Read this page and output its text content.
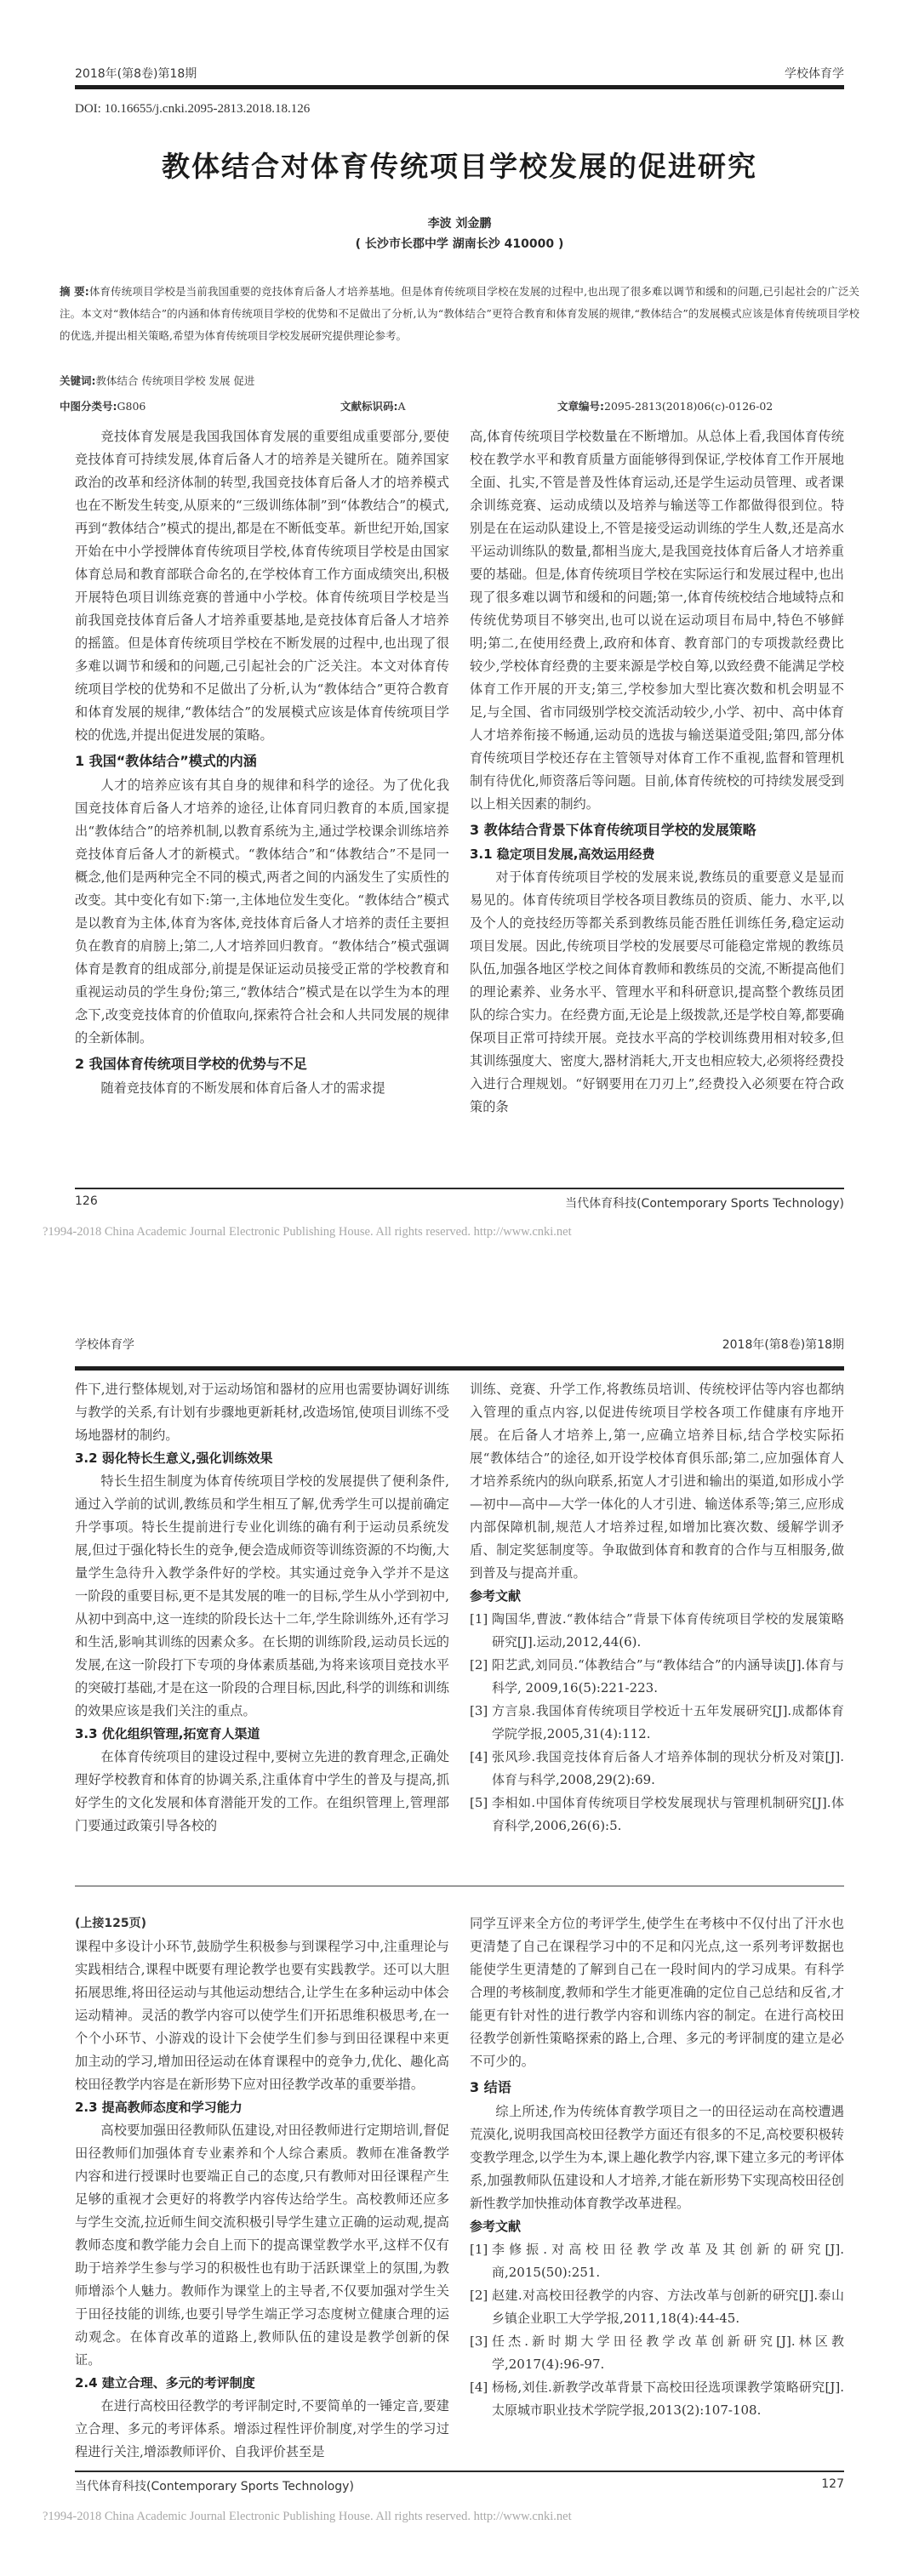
2018年(第8卷)第18期	学校体育学
DOI: 10.16655/j.cnki.2095-2813.2018.18.126
教体结合对体育传统项目学校发展的促进研究
李波 刘金鹏
( 长沙市长郡中学 湖南长沙 410000 )
摘 要:体育传统项目学校是当前我国重要的竞技体育后备人才培养基地。但是体育传统项目学校在发展的过程中,也出现了很多难以调节和缓和的问题,已引起社会的广泛关注。本文对“教体结合”的内涵和体育传统项目学校的优势和不足做出了分析,认为“教体结合”更符合教育和体育发展的规律,“教体结合”的发展模式应该是体育传统项目学校的优选,并提出相关策略,希望为体育传统项目学校发展研究提供理论参考。
关键词:教体结合 传统项目学校 发展 促进
中图分类号:G806	文献标识码:A	文章编号:2095-2813(2018)06(c)-0126-02

竞技体育发展是我国我国体育发展的重要组成重要部分,要使竞技体育可持续发展,体育后备人才的培养是关键所在。随养国家政治的改革和经济体制的转型,我国竞技体育后备人才的培养模式也在不断发生转变,从原来的“三级训练体制”到“体教结合”的模式,再到“教体结合”模式的提出,都是在不断低变革。新世纪开始,国家开始在中小学授牌体育传统项目学校,体育传统项目学校是由国家体育总局和教育部联合命名的,在学校体育工作方面成绩突出,积极开展特色项目训练竞赛的普通中小学校。体育传统项目学校是当前我国竞技体育后备人才培养重要基地,是竞技体育后备人才培养的摇篮。但是体育传统项目学校在不断发展的过程中,也出现了很多难以调节和缓和的问题,己引起社会的广泛关注。本文对体育传统项目学校的优势和不足做出了分析,认为“教体结合”更符合教育和体育发展的规律,“教体结合”的发展模式应该是体育传统项目学校的优选,并提出促进发展的策略。

1 我国“教体结合”模式的内涵

人才的培养应该有其自身的规律和科学的途径。为了优化我国竞技体育后备人才培养的途径,让体育同归教育的本质,国家提出“教体结合”的培养机制,以教育系统为主,通过学校课余训练培养竞技体育后备人才的新模式。“教体结合”和“体教结合”不是同一概念,他们是两种完全不同的模式,两者之间的内涵发生了实质性的改变。其中变化有如下:第一,主体地位发生变化。“教体结合”模式是以教育为主体,体育为客体,竞技体育后备人才培养的责任主要担负在教育的肩膀上;第二,人才培养回归教育。“教体结合”模式强调体育是教育的组成部分,前提是保证运动员接受正常的学校教育和重视运动员的学生身份;第三,“教体结合”模式是在以学生为本的理念下,改变竞技体育的价值取向,探索符合社会和人共同发展的规律的全新体制。

2 我国体育传统项目学校的优势与不足

随着竞技体育的不断发展和体育后备人才的需求提

高,体育传统项目学校数量在不断增加。从总体上看,我国体育传统校在教学水平和教育质量方面能够得到保证,学校体育工作开展地全面、扎实,不管是普及性体育运动,还是学生运动员管理、或者课余训练竞赛、运动成绩以及培养与输送等工作都做得很到位。特别是在在运动队建设上,不管是接受运动训练的学生人数,还是高水平运动训练队的数量,都相当庞大,是我国竞技体育后备人才培养重要的基础。但是,体育传统项目学校在实际运行和发展过程中,也出现了很多难以调节和缓和的问题;第一,体育传统校结合地域特点和传统优势项目不够突出,也可以说在运动项目布局中,特色不够鲜明;第二,在使用经费上,政府和体育、教育部门的专项拨款经费比较少,学校体育经费的主要来源是学校自筹,以致经费不能满足学校体育工作开展的开支;第三,学校参加大型比赛次数和机会明显不足,与全国、省市同级别学校交流活动较少,小学、初中、高中体育人才培养衔接不畅通,运动员的选拔与输送渠道受阻;第四,部分体育传统项目学校还存在主管领导对体育工作不重视,监督和管理机制有待优化,师资落后等问题。目前,体育传统校的可持续发展受到以上相关因素的制约。

3 教体结合背景下体育传统项目学校的发展策略
3.1 稳定项目发展,高效运用经费

对于体育传统项目学校的发展来说,教练员的重要意义是显而易见的。体育传统项目学校各项目教练员的资质、能力、水平,以及个人的竞技经历等都关系到教练员能否胜任训练任务,稳定运动项目发展。因此,传统项目学校的发展要尽可能稳定常规的教练员队伍,加强各地区学校之间体育教师和教练员的交流,不断提高他们的理论素养、业务水平、管理水平和科研意识,提高整个教练员团队的综合实力。在经费方面,无论是上级拨款,还是学校自筹,都要确保项目正常可持续开展。竞技水平高的学校训练费用相对较多,但其训练强度大、密度大,器材消耗大,开支也相应较大,必须将经费投入进行合理规划。“好钢要用在刀刃上”,经费投入必须要在符合政策的条

126	当代体育科技(Contemporary Sports Technology)
?1994-2018 China Academic Journal Electronic Publishing House. All rights reserved. http://www.cnki.net
学校体育学	2018年(第8卷)第18期

件下,进行整体规划,对于运动场馆和器材的应用也需要协调好训练与教学的关系,有计划有步骤地更新耗材,改造场馆,使项目训练不受场地器材的制约。

3.2 弱化特长生意义,强化训练效果

特长生招生制度为体育传统项目学校的发展提供了便利条件,通过入学前的试训,教练员和学生相互了解,优秀学生可以提前确定升学事项。特长生提前进行专业化训练的确有利于运动员系统发展,但过于强化特长生的竞争,便会造成师资等训练资源的不均衡,大量学生急待升入教学条件好的学校。其实通过竞争入学并不是这一阶段的重要目标,更不是其发展的唯一的目标,学生从小学到初中,从初中到高中,这一连续的阶段长达十二年,学生除训练外,还有学习和生活,影响其训练的因素众多。在长期的训练阶段,运动员长远的发展,在这一阶段打下专项的身体素质基础,为将来该项目竞技水平的突破打基础,才是在这一阶段的合理目标,因此,科学的训练和训练的效果应该是我们关注的重点。

3.3 优化组织管理,拓宽育人渠道

在体育传统项目的建设过程中,要树立先进的教育理念,正确处理好学校教育和体育的协调关系,注重体育中学生的普及与提高,抓好学生的文化发展和体育潜能开发的工作。在组织管理上,管理部门要通过政策引导各校的

训练、竞赛、升学工作,将教练员培训、传统校评估等内容也都纳入管理的重点内容,以促进传统项目学校各项工作健康有序地开展。在后备人才培养上,第一,应确立培养目标,结合学校实际拓展“教体结合”的途径,如开设学校体育俱乐部;第二,应加强体育人才培养系统内的纵向联系,拓宽人才引进和输出的渠道,如形成小学—初中—高中—大学一体化的人才引进、输送体系等;第三,应形成内部保障机制,规范人才培养过程,如增加比赛次数、缓解学训矛盾、制定奖惩制度等。争取做到体育和教育的合作与互相服务,做到普及与提高并重。

参考文献
[1] 陶国华,曹波.“教体结合”背景下体育传统项目学校的发展策略研究[J].运动,2012,44(6).
[2] 阳艺武,刘同员.“体教结合”与“教体结合”的内涵导读[J].体育与科学, 2009,16(5):221-223.
[3] 方言泉.我国体育传统项目学校近十五年发展研究[J].成都体育学院学报,2005,31(4):112.
[4] 张风珍.我国竞技体育后备人才培养体制的现状分析及对策[J].体育与科学,2008,29(2):69.
[5] 李相如.中国体育传统项目学校发展现状与管理机制研究[J].体育科学,2006,26(6):5.
(上接125页)

课程中多设计小环节,鼓励学生积极参与到课程学习中,注重理论与实践相结合,课程中既要有理论教学也要有实践教学。还可以大胆拓展思维,将田径运动与其他运动想结合,让学生在多种运动中体会运动精神。灵活的教学内容可以使学生们开拓思维积极思考,在一个个小环节、小游戏的设计下会使学生们参与到田径课程中来更加主动的学习,增加田径运动在体育课程中的竞争力,优化、趣化高校田径教学内容是在新形势下应对田径教学改革的重要举措。

2.3 提高教师态度和学习能力

高校要加强田径教师队伍建设,对田径教师进行定期培训,督促田径教师们加强体育专业素养和个人综合素质。教师在准备教学内容和进行授课时也要端正自己的态度,只有教师对田径课程产生足够的重视才会更好的将教学内容传达给学生。高校教师还应多与学生交流,拉近师生间交流积极引导学生建立正确的运动观,提高教师态度和教学能力会自上而下的提高课堂教学水平,这样不仅有助于培养学生参与学习的积极性也有助于活跃课堂上的氛围,为教师增添个人魅力。教师作为课堂上的主导者,不仅要加强对学生关于田径技能的训练,也要引导学生端正学习态度树立健康合理的运动观念。在体育改革的道路上,教师队伍的建设是教学创新的保证。

2.4 建立合理、多元的考评制度

在进行高校田径教学的考评制定时,不要简单的一锤定音,要建立合理、多元的考评体系。增添过程性评价制度,对学生的学习过程进行关注,增添教师评价、自我评价甚至是

同学互评来全方位的考评学生,使学生在考核中不仅付出了汗水也更清楚了自己在课程学习中的不足和闪光点,这一系列考评数据也能使学生更清楚的了解到自己在一段时间内的学习成果。有科学合理的考核制度,教师和学生才能更准确的定位自己总结和反省,才能更有针对性的进行教学内容和训练内容的制定。在进行高校田径教学创新性策略探索的路上,合理、多元的考评制度的建立是必不可少的。

3 结语

综上所述,作为传统体育教学项目之一的田径运动在高校遭遇荒漠化,说明我国高校田径教学方面还有很多的不足,高校要积极转变教学理念,以学生为本,课上趣化教学内容,课下建立多元的考评体系,加强教师队伍建设和人才培养,才能在新形势下实现高校田径创新性教学加快推动体育教学改革进程。

参考文献
[1] 李修振.对高校田径教学改革及其创新的研究[J].商,2015(50):251.
[2] 赵建.对高校田径教学的内容、方法改革与创新的研究[J].泰山乡镇企业职工大学学报,2011,18(4):44-45.
[3] 任杰.新时期大学田径教学改革创新研究[J].林区教学,2017(4):96-97.
[4] 杨杨,刘佳.新教学改革背景下高校田径选项课教学策略研究[J].太原城市职业技术学院学报,2013(2):107-108.
当代体育科技(Contemporary Sports Technology)	127
?1994-2018 China Academic Journal Electronic Publishing House. All rights reserved. http://www.cnki.net
